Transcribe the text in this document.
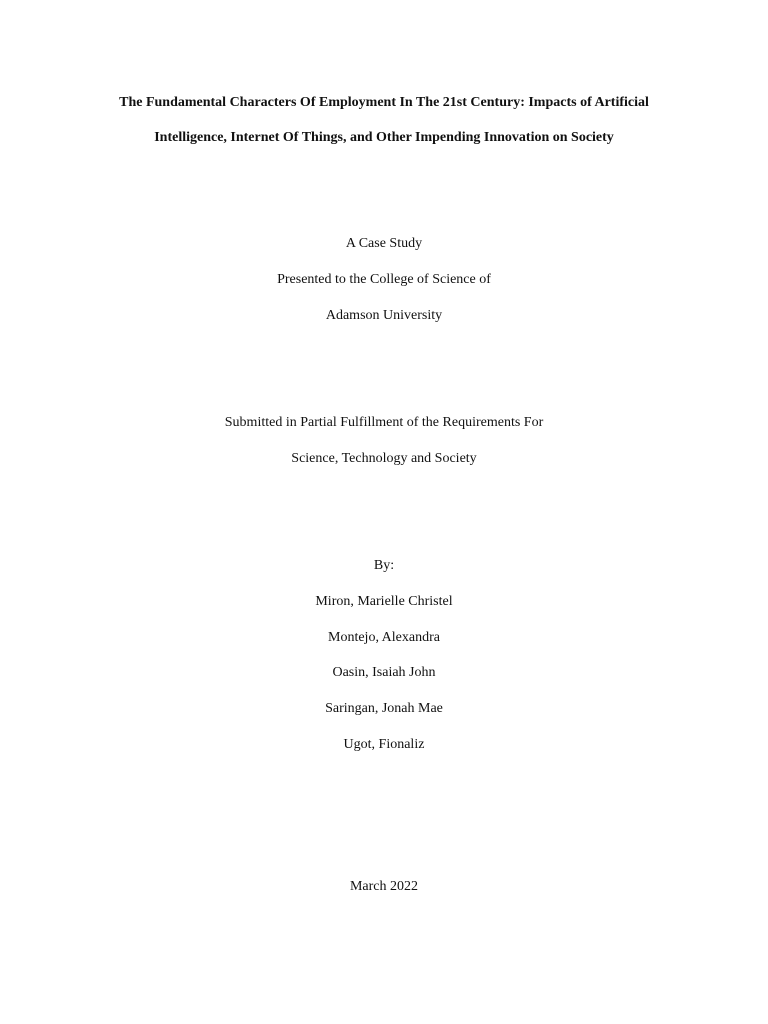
The Fundamental Characters Of Employment In The 21st Century: Impacts of Artificial
Intelligence, Internet Of Things, and Other Impending Innovation on Society
A Case Study
Presented to the College of Science of
Adamson University
Submitted in Partial Fulfillment of the Requirements For
Science, Technology and Society
By:
Miron, Marielle Christel
Montejo, Alexandra
Oasin, Isaiah John
Saringan, Jonah Mae
Ugot, Fionaliz
March 2022
